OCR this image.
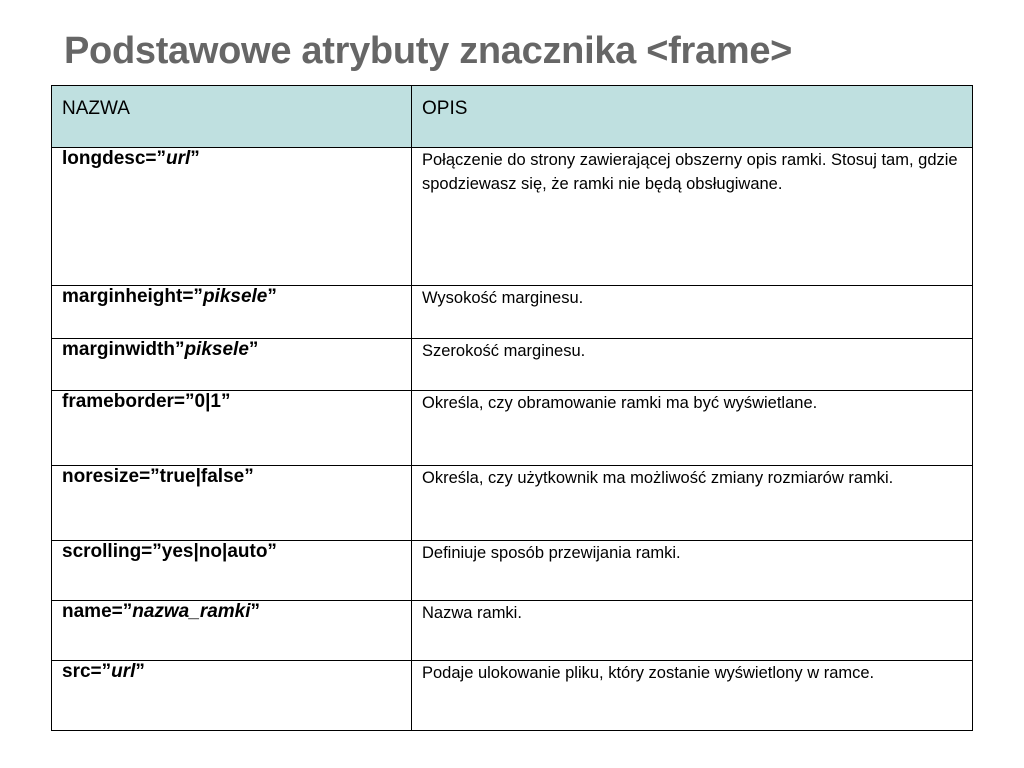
Podstawowe atrybuty znacznika <frame>
NAZWA	OPIS
longdesc=”url”	Połączenie do strony zawierającej obszerny opis ramki. Stosuj tam, gdzie spodziewasz się, że ramki nie będą obsługiwane.
marginheight=”piksele”	Wysokość marginesu.
marginwidth”piksele”	Szerokość marginesu.
frameborder=”0|1”	Określa, czy obramowanie ramki ma być wyświetlane.
noresize=”true|false”	Określa, czy użytkownik ma możliwość zmiany rozmiarów ramki.
scrolling=”yes|no|auto”	Definiuje sposób przewijania ramki.
name=”nazwa_ramki”	Nazwa ramki.
src=”url”	Podaje ulokowanie pliku, który zostanie wyświetlony w ramce.
